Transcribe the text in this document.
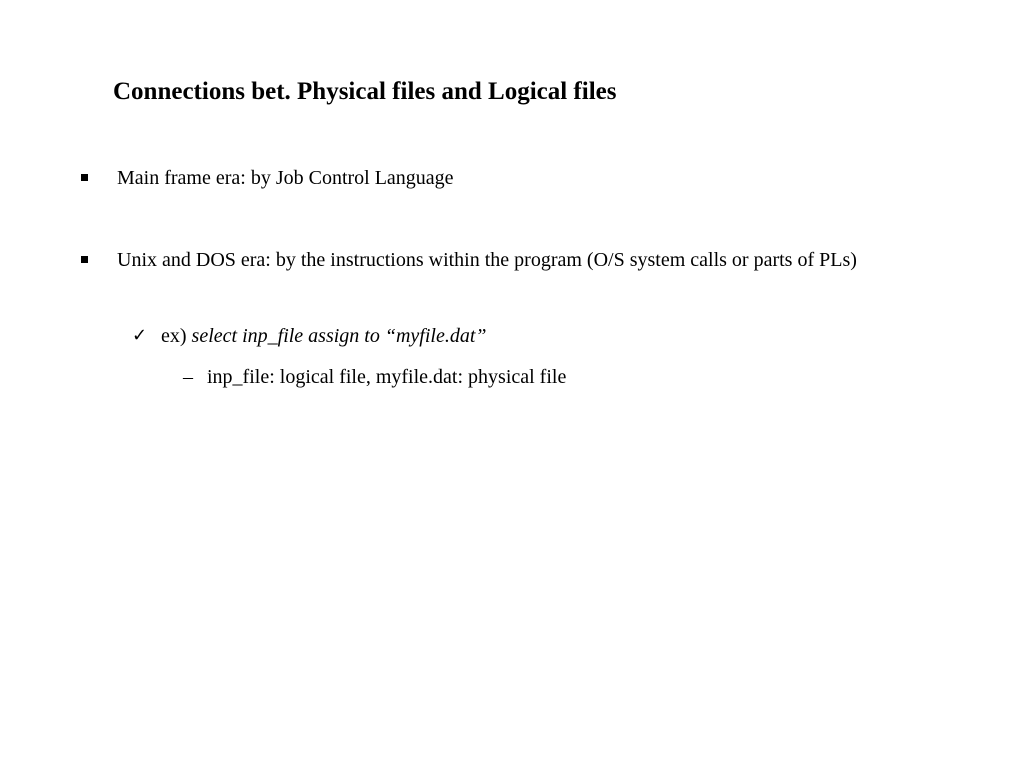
Connections bet. Physical files and Logical files
Main frame era: by Job Control Language
Unix and DOS era: by the instructions within the program (O/S system calls or parts of PLs)
✓ ex) select inp_file assign to “myfile.dat”
– inp_file: logical file, myfile.dat: physical file
